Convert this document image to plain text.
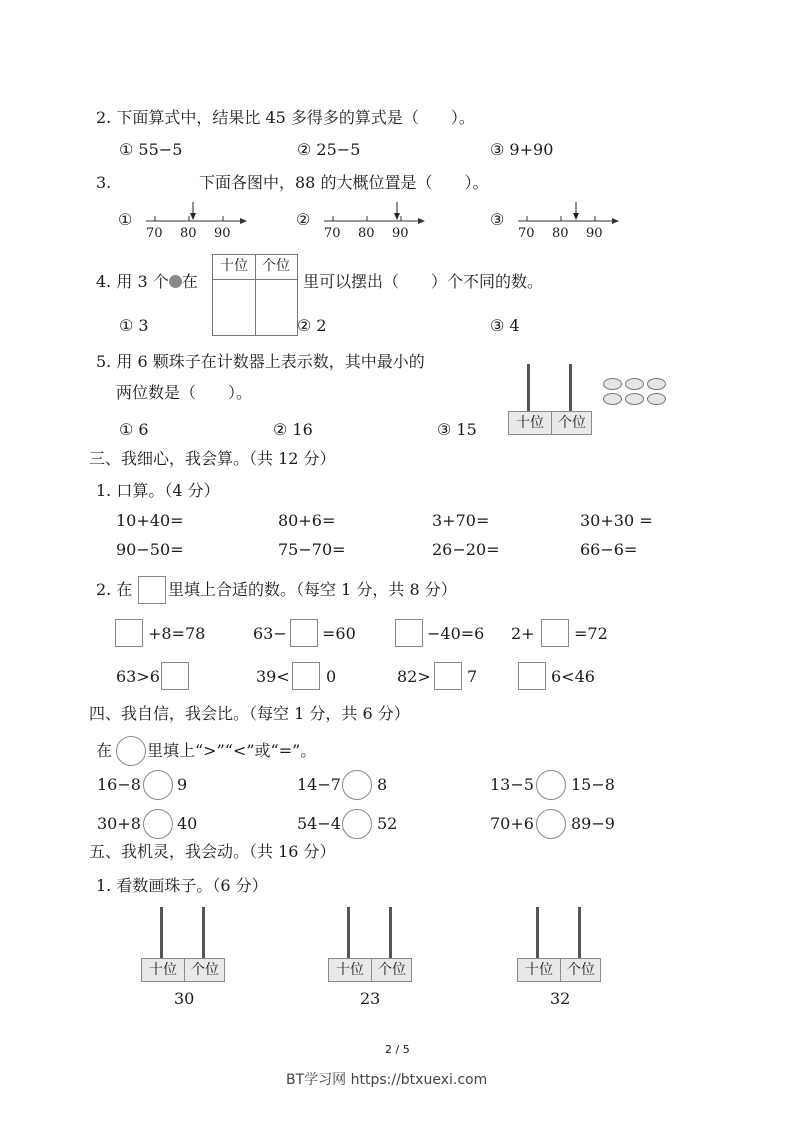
2. 下面算式中，结果比 45 多得多的算式是（　　）。
① 55−5	② 25−5	③ 9+90
3.	下面各图中，88 的大概位置是（　　）。
①
70 80 90
②
70 80 90
③
70 80 90
4. 用 3 个 在
十位	个位
里可以摆出（　　）个不同的数。
① 3	② 2	③ 4
5. 用 6 颗珠子在计数器上表示数，其中最小的
两位数是（　　）。
十位	个位
① 6	② 16	③ 15
三、我细心，我会算。（共 12 分）
1. 口算。（4 分）
10+40=	80+6=	3+70=	30+30 =
90−50=	75−70=	26−20=	66−6=
2. 在 里填上合适的数。（每空 1 分，共 8 分）
+8=78	63− =60	−40=6 2+ =72
63>6	39< 0	82> 7	6<46
四、我自信，我会比。（每空 1 分，共 6 分）
在 里填上“>”“<”或“=”。
16−8 9	14−7 8	13−5 15−8
30+8 40	54−4 52	70+6 89−9
五、我机灵，我会动。（共 16 分）
1. 看数画珠子。（6 分）
十位	个位
30
十位	个位
23
十位	个位
32
2 / 5
BT学习网 https://btxuexi.com
